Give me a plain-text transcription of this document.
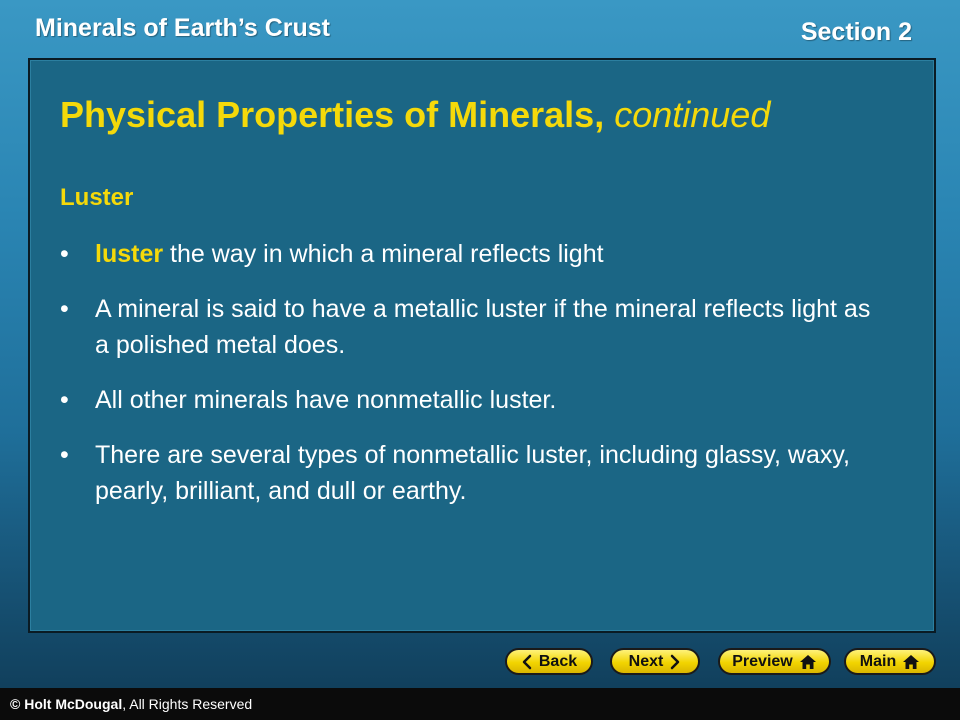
Minerals of Earth’s Crust	Section 2
Physical Properties of Minerals, continued
Luster
• luster the way in which a mineral reflects light
• A mineral is said to have a metallic luster if the mineral reflects light as a polished metal does.
• All other minerals have nonmetallic luster.
• There are several types of nonmetallic luster, including glassy, waxy, pearly, brilliant, and dull or earthy.
Back	Next	Preview	Main
© Holt McDougal, All Rights Reserved
